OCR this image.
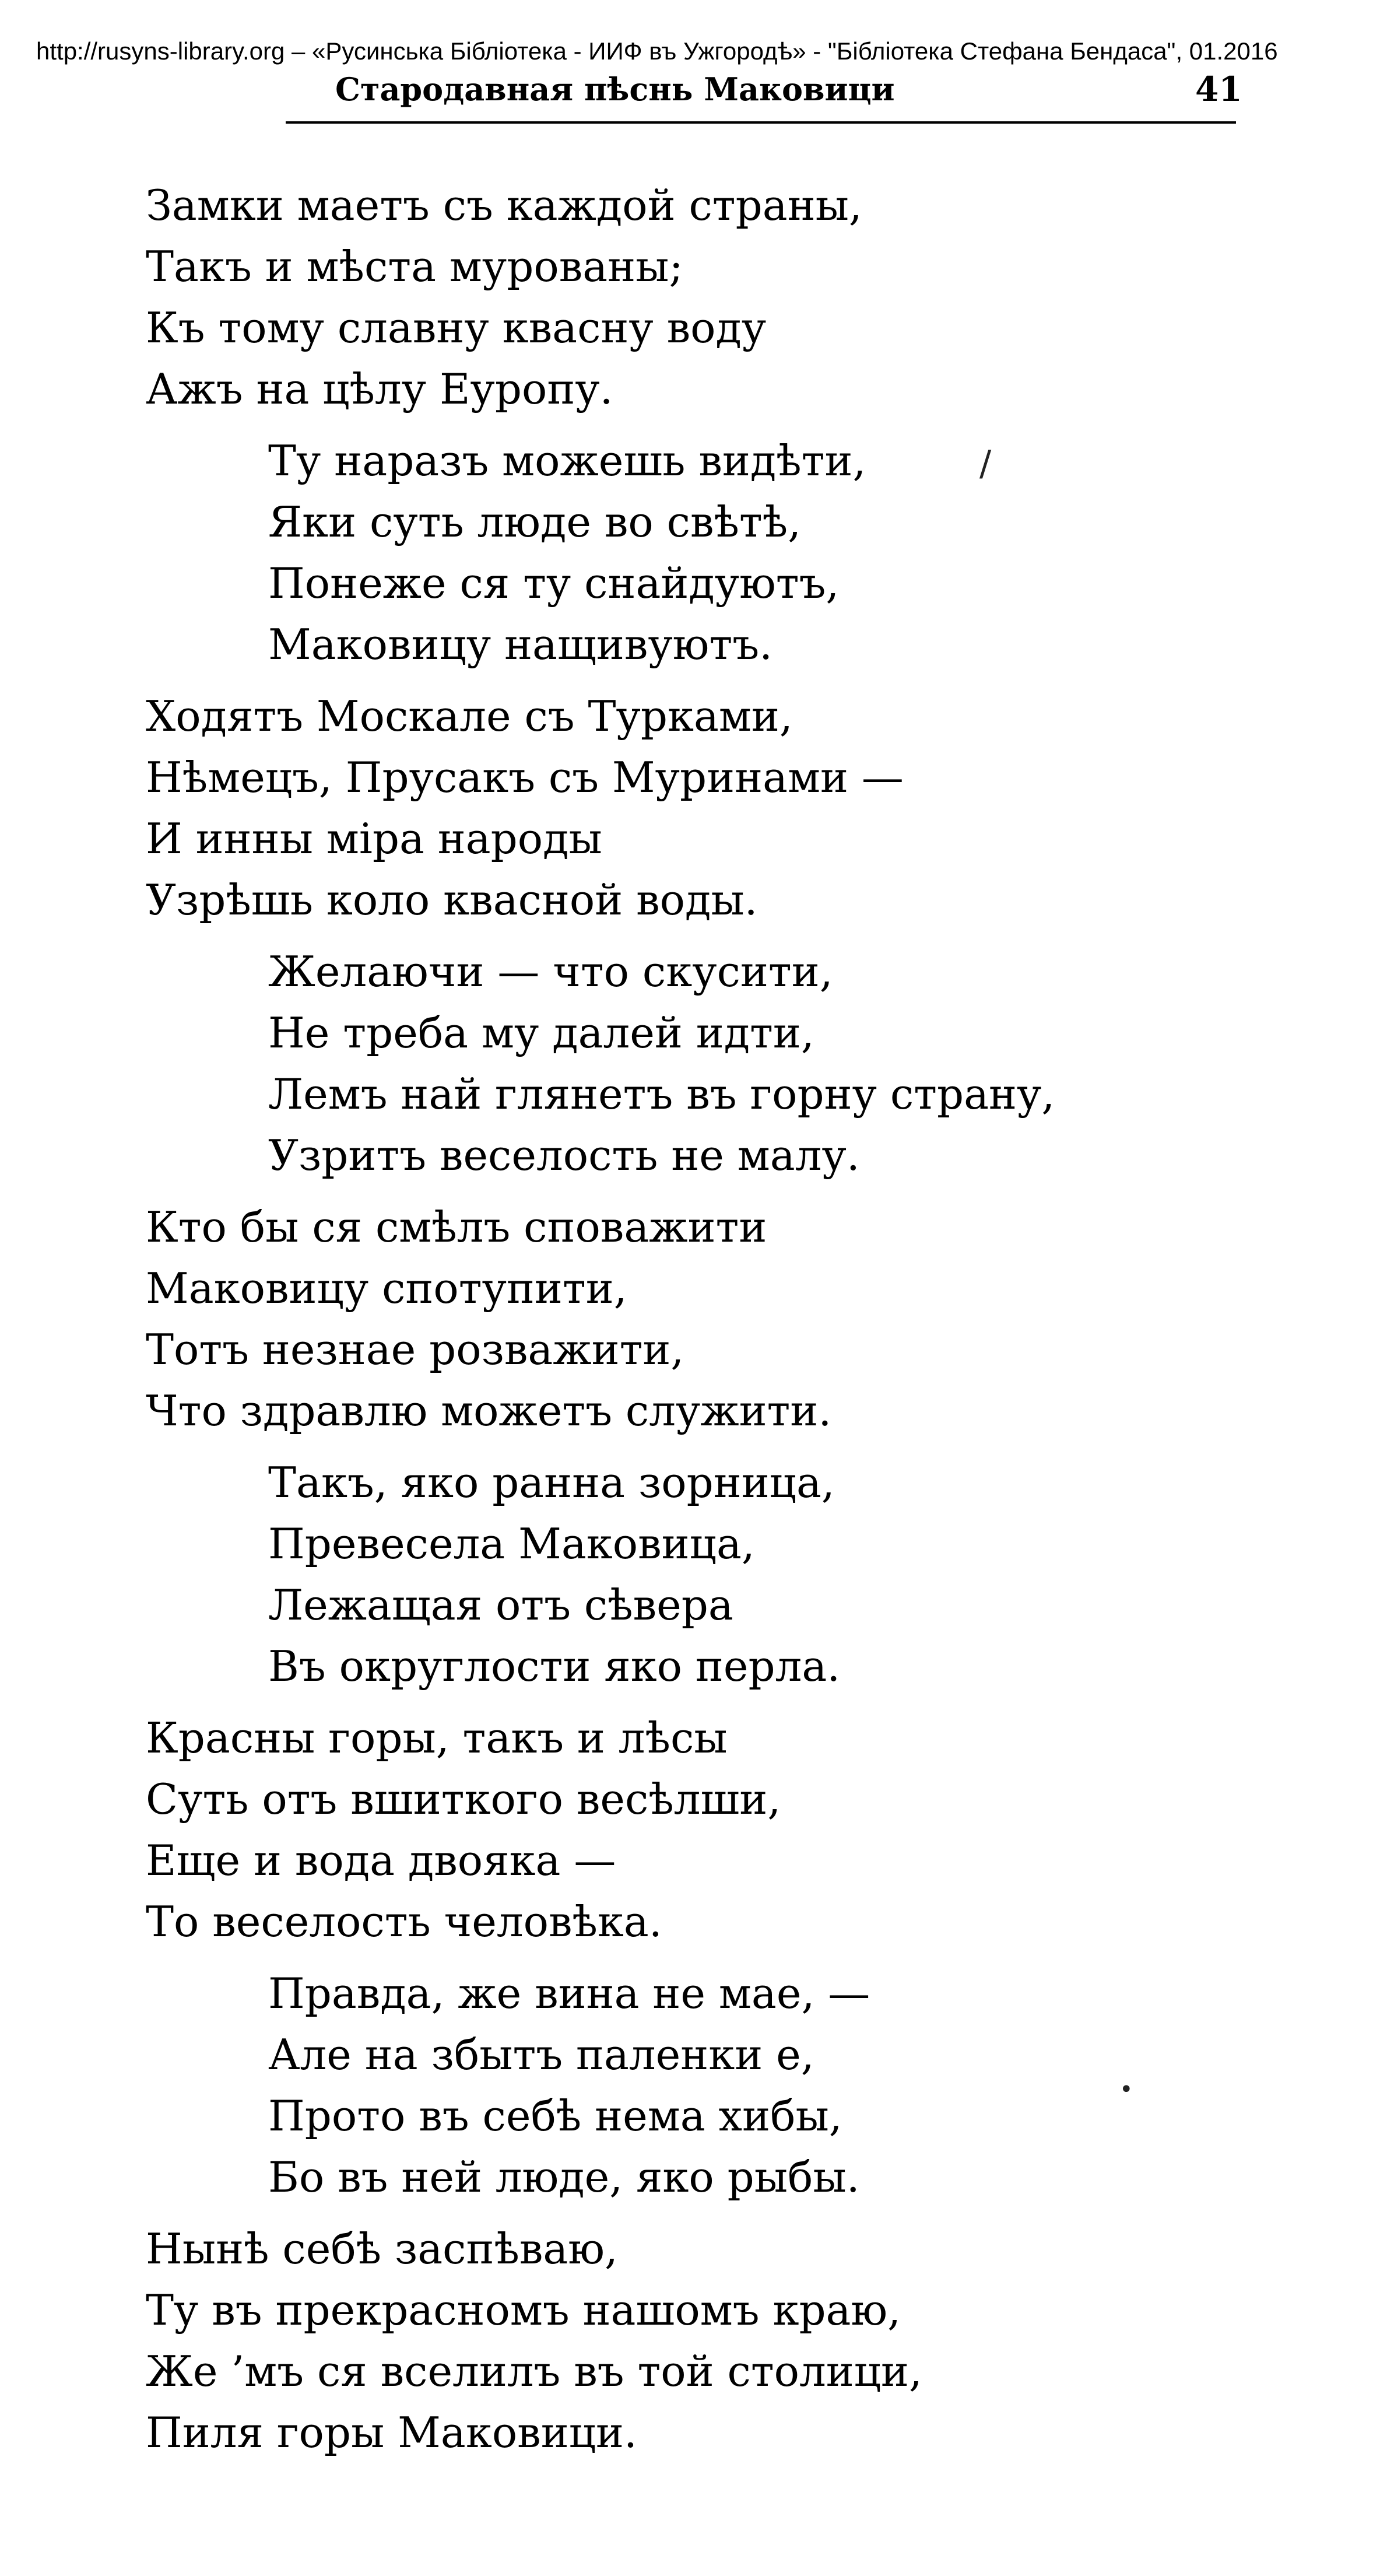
http://rusyns-library.org – «Русинська Бібліотека - ИИФ въ Ужгородѣ» - "Бібліотека Стефана Бендаса", 01.2016
Стародавная пѣснь Маковици	41
Замки маетъ съ каждой страны,
Такъ и мѣста мурованы;
Къ тому славну квасну воду
Ажъ на цѣлу Еуропу.
Ту наразъ можешь видѣти,
Яки суть люде во свѣтѣ,
Понеже ся ту снайдуютъ,
Маковицу нащивуютъ.
Ходятъ Москале съ Турками,
Нѣмецъ, Прусакъ съ Муринами —
И инны міра народы
Узрѣшь коло квасной воды.
Желаючи — что скусити,
Не треба му далей идти,
Лемъ най глянетъ въ горну страну,
Узритъ веселость не малу.
Кто бы ся смѣлъ споважити
Маковицу спотупити,
Тотъ незнае розважити,
Что здравлю можетъ служити.
Такъ, яко ранна зорница,
Превесела Маковица,
Лежащая отъ сѣвера
Въ округлости яко перла.
Красны горы, такъ и лѣсы
Суть отъ вшиткого весѣлши,
Еще и вода двояка —
То веселость человѣка.
Правда, же вина не мае, —
Але на збытъ паленки е,
Прото въ себѣ нема хибы,
Бо въ ней люде, яко рыбы.
Нынѣ себѣ заспѣваю,
Ту въ прекрасномъ нашомъ краю,
Же ’мъ ся вселилъ въ той столици,
Пиля горы Маковици.
/
•
